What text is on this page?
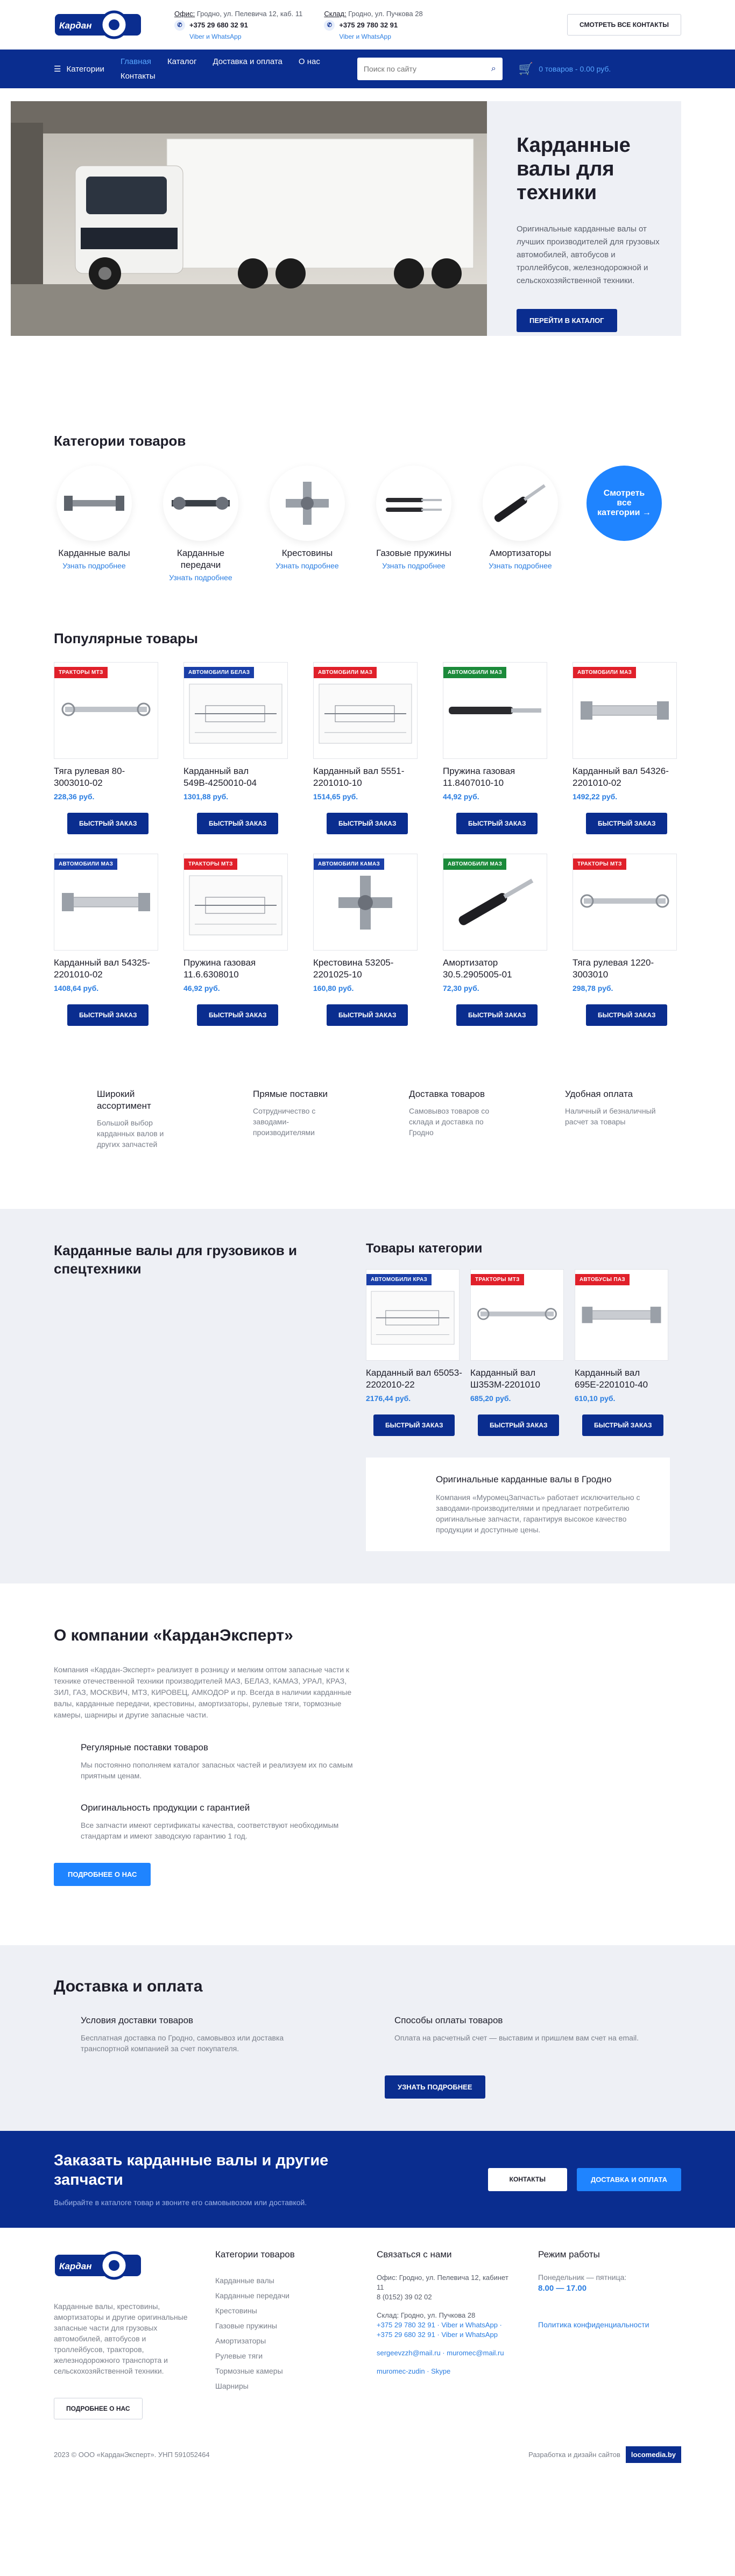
Кардан
Офис: Гродно, ул. Пелевича 12, каб. 11
✆	+375 29 680 32 91
Viber и WhatsApp
Склад: Гродно, ул. Пучкова 28
✆	+375 29 780 32 91
Viber и WhatsApp
СМОТРЕТЬ ВСЕ КОНТАКТЫ
☰ Категории
Главная Каталог Доставка и оплата О нас
Контакты
Поиск по сайту
⌕ 🛒 0 товаров - 0.00 руб.
Карданные валы для техники

Оригинальные карданные валы от лучших производителей для грузовых автомобилей, автобусов и троллейбусов, железнодорожной и сельскохозяйственной техники.

ПЕРЕЙТИ В КАТАЛОГ
Категории товаров
Карданные валы
Узнать подробнее
Карданные передачи
Узнать подробнее
Крестовины
Узнать подробнее
Газовые пружины
Узнать подробнее
Амортизаторы
Узнать подробнее
Смотреть все категории →
Популярные товары
ТРАКТОРЫ МТЗ
Тяга рулевая 80-3003010-02
228,36 руб.
БЫСТРЫЙ ЗАКАЗ
АВТОМОБИЛИ БЕЛАЗ
Карданный вал 549В-4250010-04
1301,88 руб.
БЫСТРЫЙ ЗАКАЗ
АВТОМОБИЛИ МАЗ
Карданный вал 5551-2201010-10
1514,65 руб.
БЫСТРЫЙ ЗАКАЗ
АВТОМОБИЛИ МАЗ
Пружина газовая 11.8407010-10
44,92 руб.
БЫСТРЫЙ ЗАКАЗ
АВТОМОБИЛИ МАЗ
Карданный вал 54326-2201010-02
1492,22 руб.
БЫСТРЫЙ ЗАКАЗ
АВТОМОБИЛИ МАЗ
Карданный вал 54325-2201010-02
1408,64 руб.
БЫСТРЫЙ ЗАКАЗ
ТРАКТОРЫ МТЗ
Пружина газовая 11.6.6308010
46,92 руб.
БЫСТРЫЙ ЗАКАЗ
АВТОМОБИЛИ КАМАЗ
Крестовина 53205-2201025-10
160,80 руб.
БЫСТРЫЙ ЗАКАЗ
АВТОМОБИЛИ МАЗ
Амортизатор 30.5.2905005-01
72,30 руб.
БЫСТРЫЙ ЗАКАЗ
ТРАКТОРЫ МТЗ
Тяга рулевая 1220-3003010
298,78 руб.
БЫСТРЫЙ ЗАКАЗ
Широкий ассортимент

Большой выбор карданных валов и других запчастей

Прямые поставки

Сотрудничество с заводами-производителями

Доставка товаров

Самовывоз товаров со склада и доставка по Гродно

Удобная оплата

Наличный и безналичный расчет за товары

Карданные валы для грузовиков и спецтехники
Товары категории
АВТОМОБИЛИ КРАЗ
Карданный вал 65053-2202010-22
2176,44 руб.
БЫСТРЫЙ ЗАКАЗ
ТРАКТОРЫ МТЗ
Карданный вал Ш353М-2201010
685,20 руб.
БЫСТРЫЙ ЗАКАЗ
АВТОБУСЫ ПАЗ
Карданный вал 695Е-2201010-40
610,10 руб.
БЫСТРЫЙ ЗАКАЗ
Оригинальные карданные валы в Гродно

Компания «МуромецЗапчасть» работает исключительно с заводами-производителями и предлагает потребителю оригинальные запчасти, гарантируя высокое качество продукции и доступные цены.

О компании «КарданЭксперт»

Компания «Кардан-Эксперт» реализует в розницу и мелким оптом запасные части к технике отечественной техники производителей МАЗ, БЕЛАЗ, КАМАЗ, УРАЛ, КРАЗ, ЗИЛ, ГАЗ, МОСКВИЧ, МТЗ, КИРОВЕЦ, АМКОДОР и пр. Всегда в наличии карданные валы, карданные передачи, крестовины, амортизаторы, рулевые тяги, тормозные камеры, шарниры и другие запасные части.

Регулярные поставки товаров

Мы постоянно пополняем каталог запасных частей и реализуем их по самым приятным ценам.

Оригинальность продукции с гарантией

Все запчасти имеют сертификаты качества, соответствуют необходимым стандартам и имеют заводскую гарантию 1 год.

ПОДРОБНЕЕ О НАС
Доставка и оплата
Условия доставки товаров

Бесплатная доставка по Гродно, самовывоз или доставка транспортной компанией за счет покупателя.

Способы оплаты товаров

Оплата на расчетный счет — выставим и пришлем вам счет на email.

УЗНАТЬ ПОДРОБНЕЕ
Заказать карданные валы и другие запчасти

Выбирайте в каталоге товар и звоните его самовывозом или доставкой.

КОНТАКТЫ	ДОСТАВКА И ОПЛАТА
Кардан

Карданные валы, крестовины, амортизаторы и другие оригинальные запасные части для грузовых автомобилей, автобусов и троллейбусов, тракторов, железнодорожного транспорта и сельскохозяйственной техники.

ПОДРОБНЕЕ О НАС
Категории товаров
Карданные валы
Карданные передачи
Крестовины
Газовые пружины
Амортизаторы
Рулевые тяги
Тормозные камеры
Шарниры
Связаться с нами
Офис: Гродно, ул. Пелевича 12, кабинет 11
8 (0152) 39 02 02
Склад: Гродно, ул. Пучкова 28
+375 29 780 32 91 · Viber и WhatsApp · +375 29 680 32 91 · Viber и WhatsApp
sergeevzzh@mail.ru · muromec@mail.ru
muromec-zudin · Skype
Режим работы
Понедельник — пятница:
8.00 — 17.00
Политика конфиденциальности
2023 © ООО «КарданЭксперт». УНП 591052464	Разработка и дизайн сайтов	locomedia.by
